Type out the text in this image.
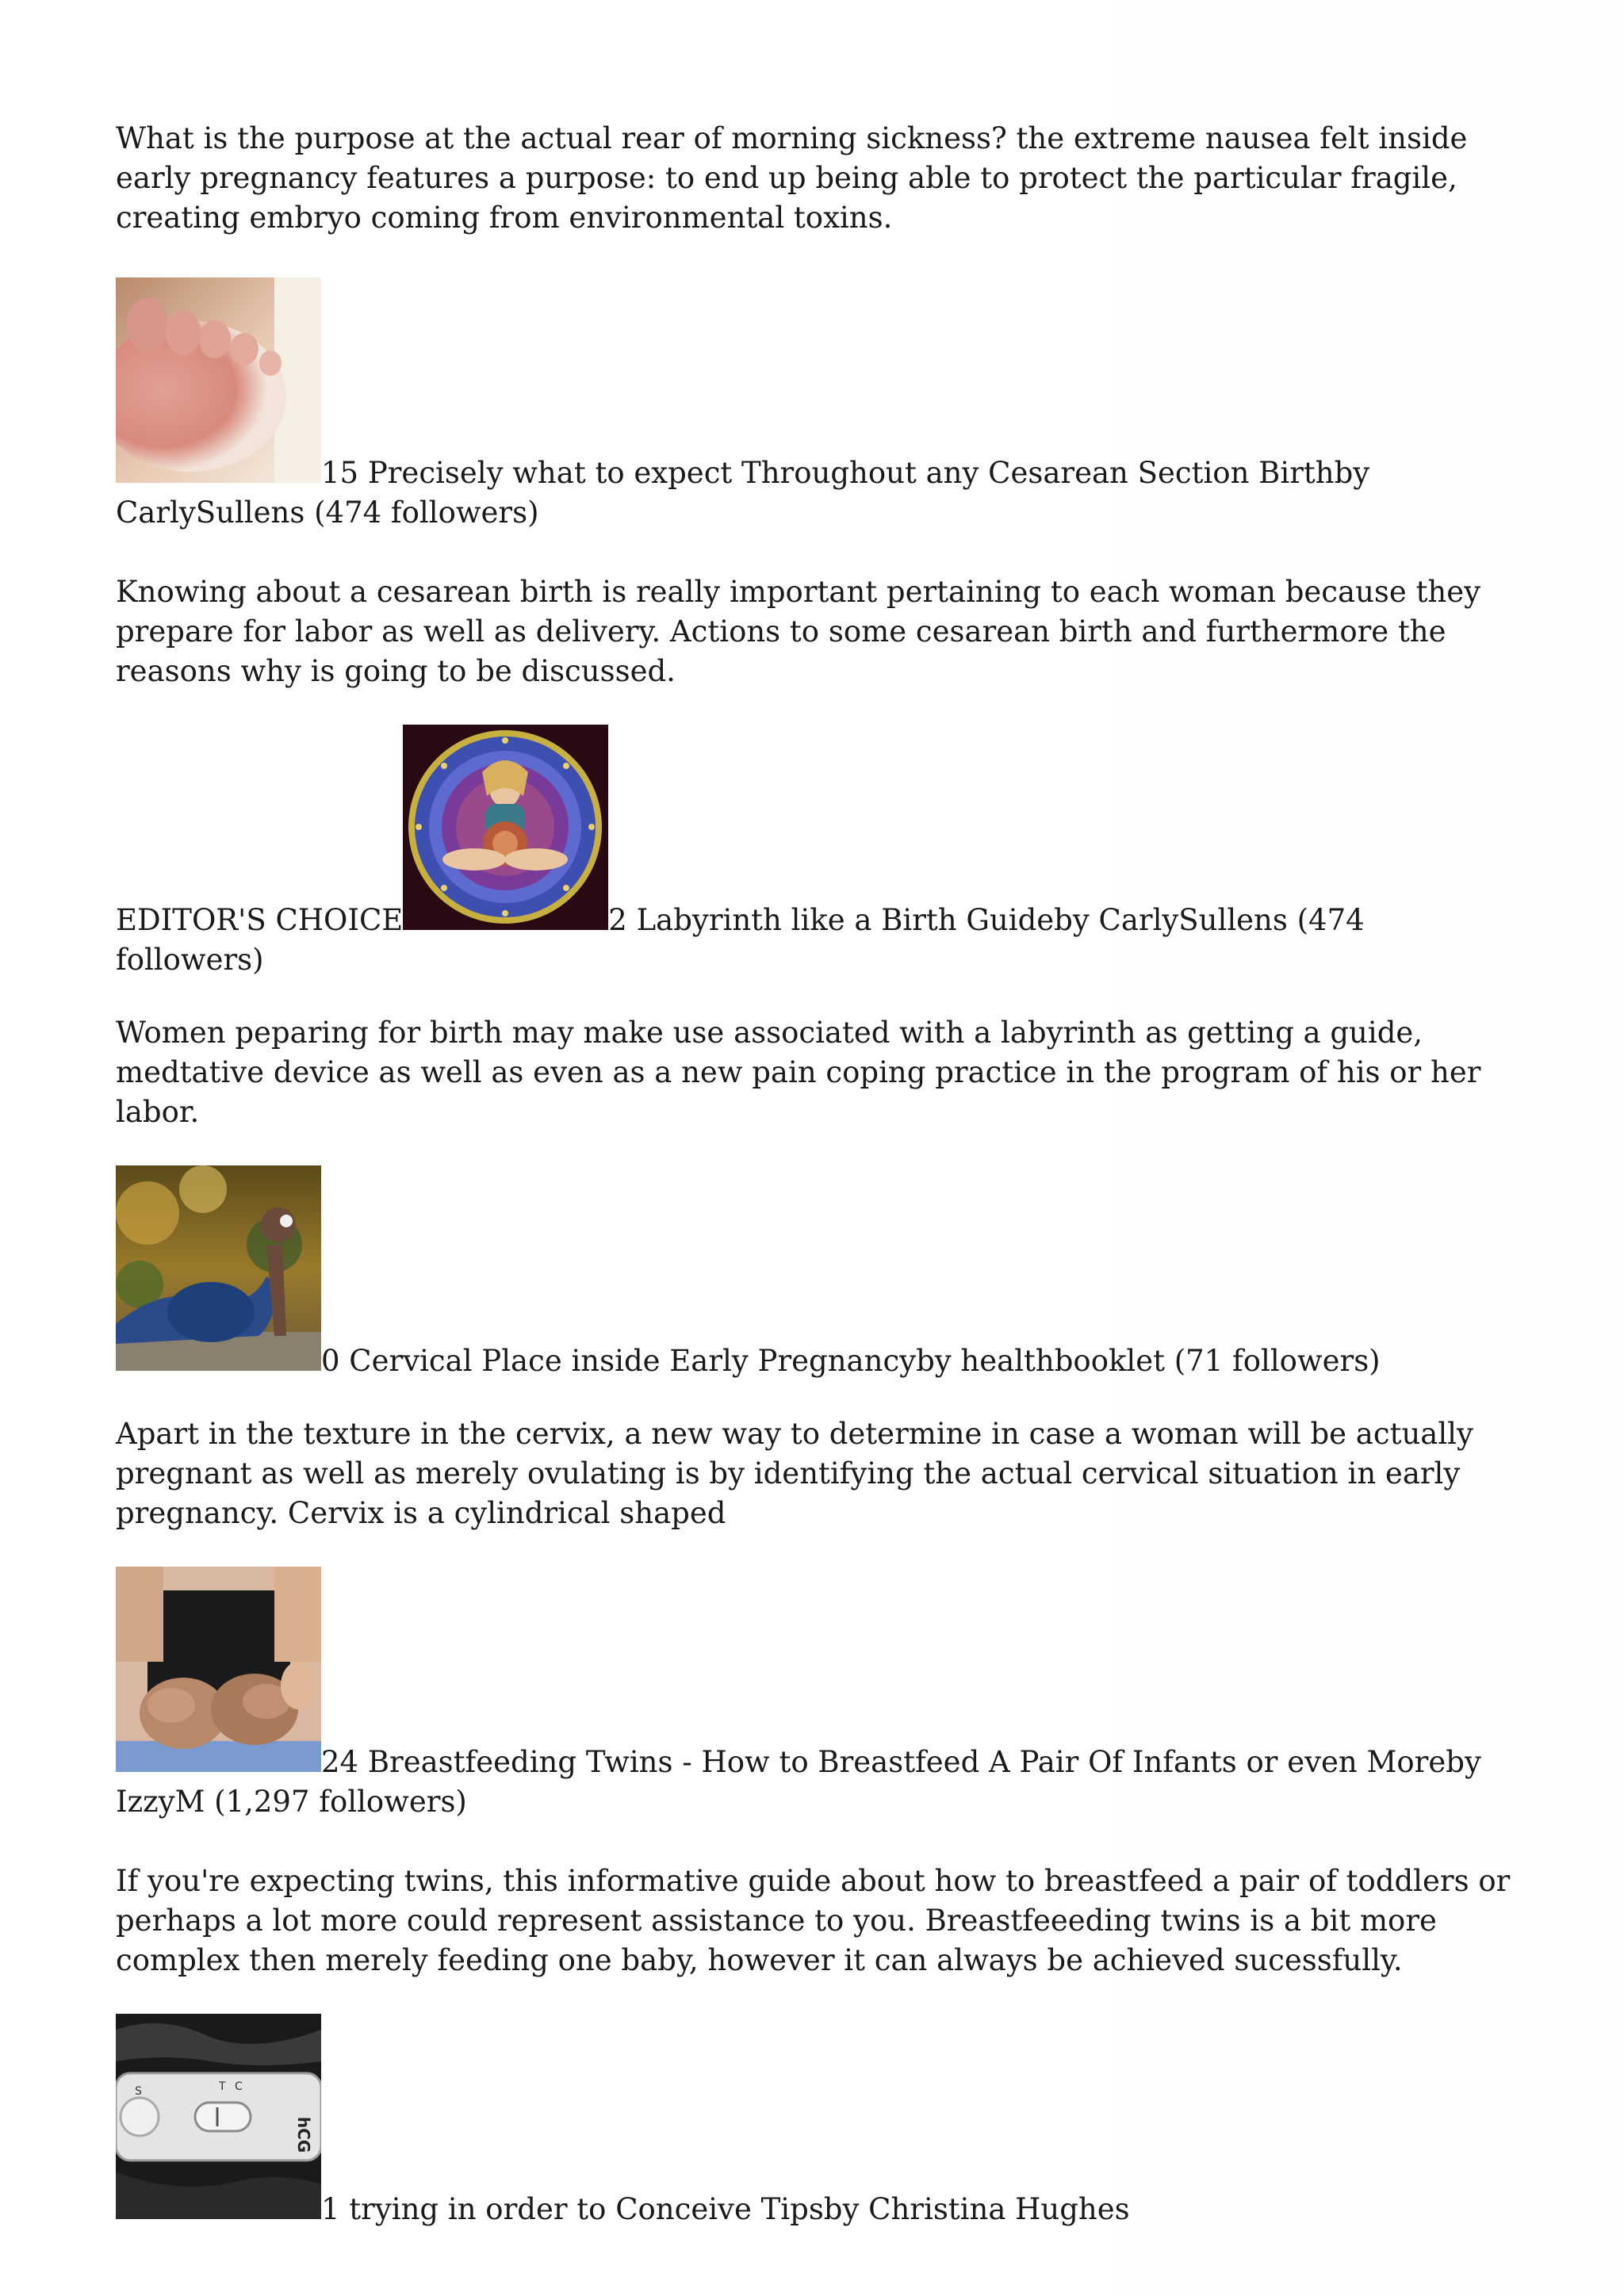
What is the purpose at the actual rear of morning sickness? the extreme nausea felt inside early pregnancy features a purpose: to end up being able to protect the particular fragile, creating embryo coming from environmental toxins.

15 Precisely what to expect Throughout any Cesarean Section Birthby CarlySullens (474 followers)

Knowing about a cesarean birth is really important pertaining to each woman because they prepare for labor as well as delivery. Actions to some cesarean birth and furthermore the reasons why is going to be discussed.

EDITOR'S CHOICE	2 Labyrinth like a Birth Guideby CarlySullens (474 followers)

Women peparing for birth may make use associated with a labyrinth as getting a guide, medtative device as well as even as a new pain coping practice in the program of his or her labor.

0 Cervical Place inside Early Pregnancyby healthbooklet (71 followers)

Apart in the texture in the cervix, a new way to determine in case a woman will be actually pregnant as well as merely ovulating is by identifying the actual cervical situation in early pregnancy. Cervix is a cylindrical shaped

24 Breastfeeding Twins - How to Breastfeed A Pair Of Infants or even Moreby IzzyM (1,297 followers)

If you're expecting twins, this informative guide about how to breastfeed a pair of toddlers or perhaps a lot more could represent assistance to you. Breastfeeeding twins is a bit more complex then merely feeding one baby, however it can always be achieved sucessfully.

S	T C
hCG
1 trying in order to Conceive Tipsby Christina Hughes
